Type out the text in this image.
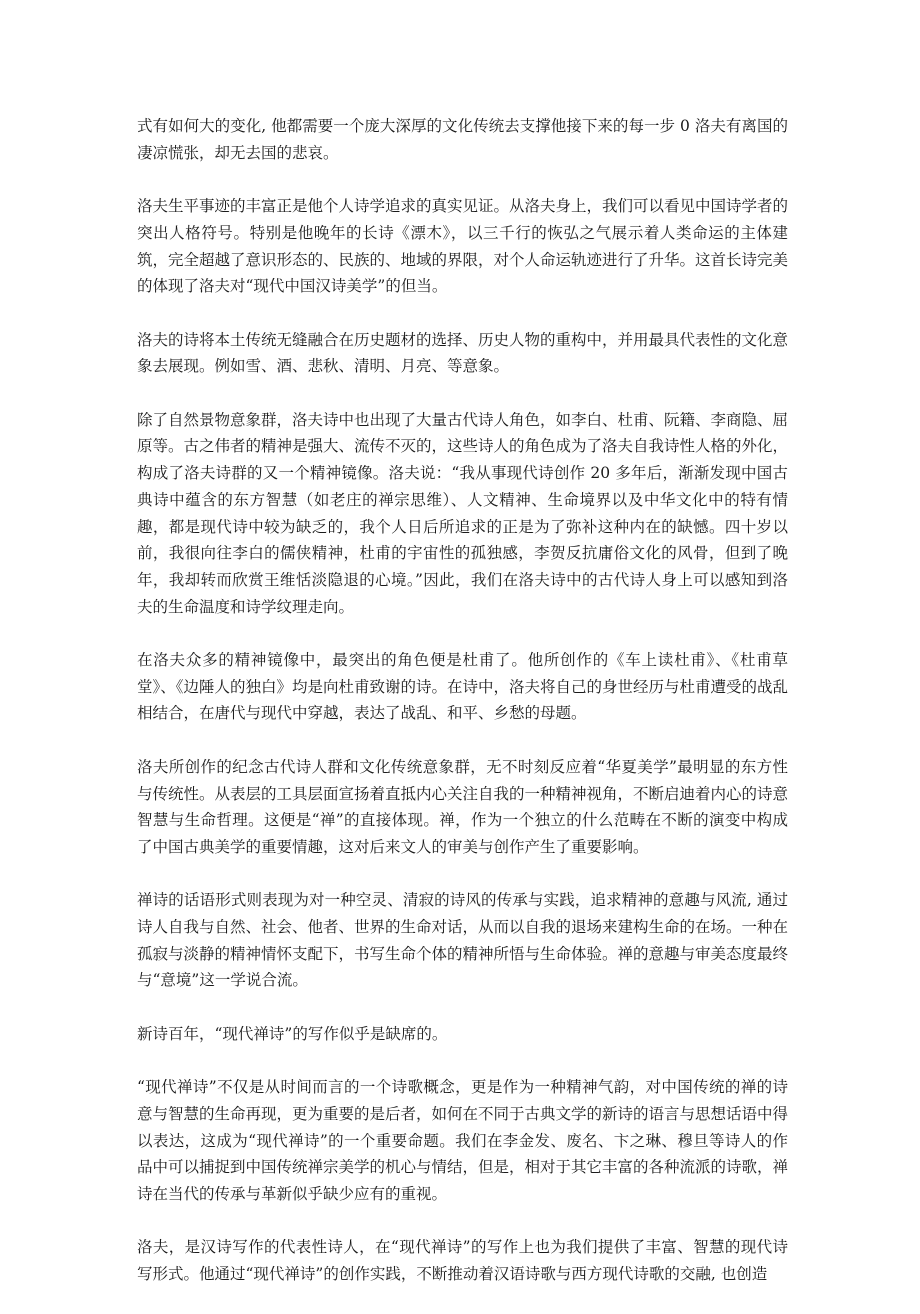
式有如何大的变化, 他都需要一个庞大深厚的文化传统去支撑他接下来的每一步 0 洛夫有离国的凄凉慌张，却无去国的悲哀。

洛夫生平事迹的丰富正是他个人诗学追求的真实见证。从洛夫身上，我们可以看见中国诗学者的突出人格符号。特别是他晚年的长诗《漂木》，以三千行的恢弘之气展示着人类命运的主体建筑，完全超越了意识形态的、民族的、地域的界限，对个人命运轨迹进行了升华。这首长诗完美的体现了洛夫对“现代中国汉诗美学”的但当。

洛夫的诗将本土传统无缝融合在历史题材的选择、历史人物的重构中，并用最具代表性的文化意象去展现。例如雪、酒、悲秋、清明、月亮、等意象。

除了自然景物意象群，洛夫诗中也出现了大量古代诗人角色，如李白、杜甫、阮籍、李商隐、屈原等。古之伟者的精神是强大、流传不灭的，这些诗人的角色成为了洛夫自我诗性人格的外化，构成了洛夫诗群的又一个精神镜像。洛夫说：“我从事现代诗创作 20 多年后，渐渐发现中国古典诗中蕴含的东方智慧（如老庄的禅宗思维）、人文精神、生命境界以及中华文化中的特有情趣，都是现代诗中较为缺乏的，我个人日后所追求的正是为了弥补这种内在的缺憾。四十岁以前，我很向往李白的儒侠精神，杜甫的宇宙性的孤独感，李贺反抗庸俗文化的风骨，但到了晚年，我却转而欣赏王维恬淡隐退的心境。”因此，我们在洛夫诗中的古代诗人身上可以感知到洛夫的生命温度和诗学纹理走向。

在洛夫众多的精神镜像中，最突出的角色便是杜甫了。他所创作的《车上读杜甫》、《杜甫草堂》、《边陲人的独白》均是向杜甫致谢的诗。在诗中，洛夫将自己的身世经历与杜甫遭受的战乱相结合，在唐代与现代中穿越，表达了战乱、和平、乡愁的母题。

洛夫所创作的纪念古代诗人群和文化传统意象群，无不时刻反应着“华夏美学”最明显的东方性与传统性。从表层的工具层面宣扬着直抵内心关注自我的一种精神视角，不断启迪着内心的诗意智慧与生命哲理。这便是“禅”的直接体现。禅，作为一个独立的什么范畴在不断的演变中构成了中国古典美学的重要情趣，这对后来文人的审美与创作产生了重要影响。

禅诗的话语形式则表现为对一种空灵、清寂的诗风的传承与实践，追求精神的意趣与风流, 通过诗人自我与自然、社会、他者、世界的生命对话，从而以自我的退场来建构生命的在场。一种在孤寂与淡静的精神情怀支配下，书写生命个体的精神所悟与生命体验。禅的意趣与审美态度最终与“意境”这一学说合流。

新诗百年，“现代禅诗”的写作似乎是缺席的。

“现代禅诗”不仅是从时间而言的一个诗歌概念，更是作为一种精神气韵，对中国传统的禅的诗意与智慧的生命再现，更为重要的是后者，如何在不同于古典文学的新诗的语言与思想话语中得以表达，这成为“现代禅诗”的一个重要命题。我们在李金发、废名、卞之琳、穆旦等诗人的作品中可以捕捉到中国传统禅宗美学的机心与情结，但是，相对于其它丰富的各种流派的诗歌，禅诗在当代的传承与革新似乎缺少应有的重视。

洛夫，是汉诗写作的代表性诗人，在“现代禅诗”的写作上也为我们提供了丰富、智慧的现代诗写形式。他通过“现代禅诗”的创作实践，不断推动着汉语诗歌与西方现代诗歌的交融, 也创造
